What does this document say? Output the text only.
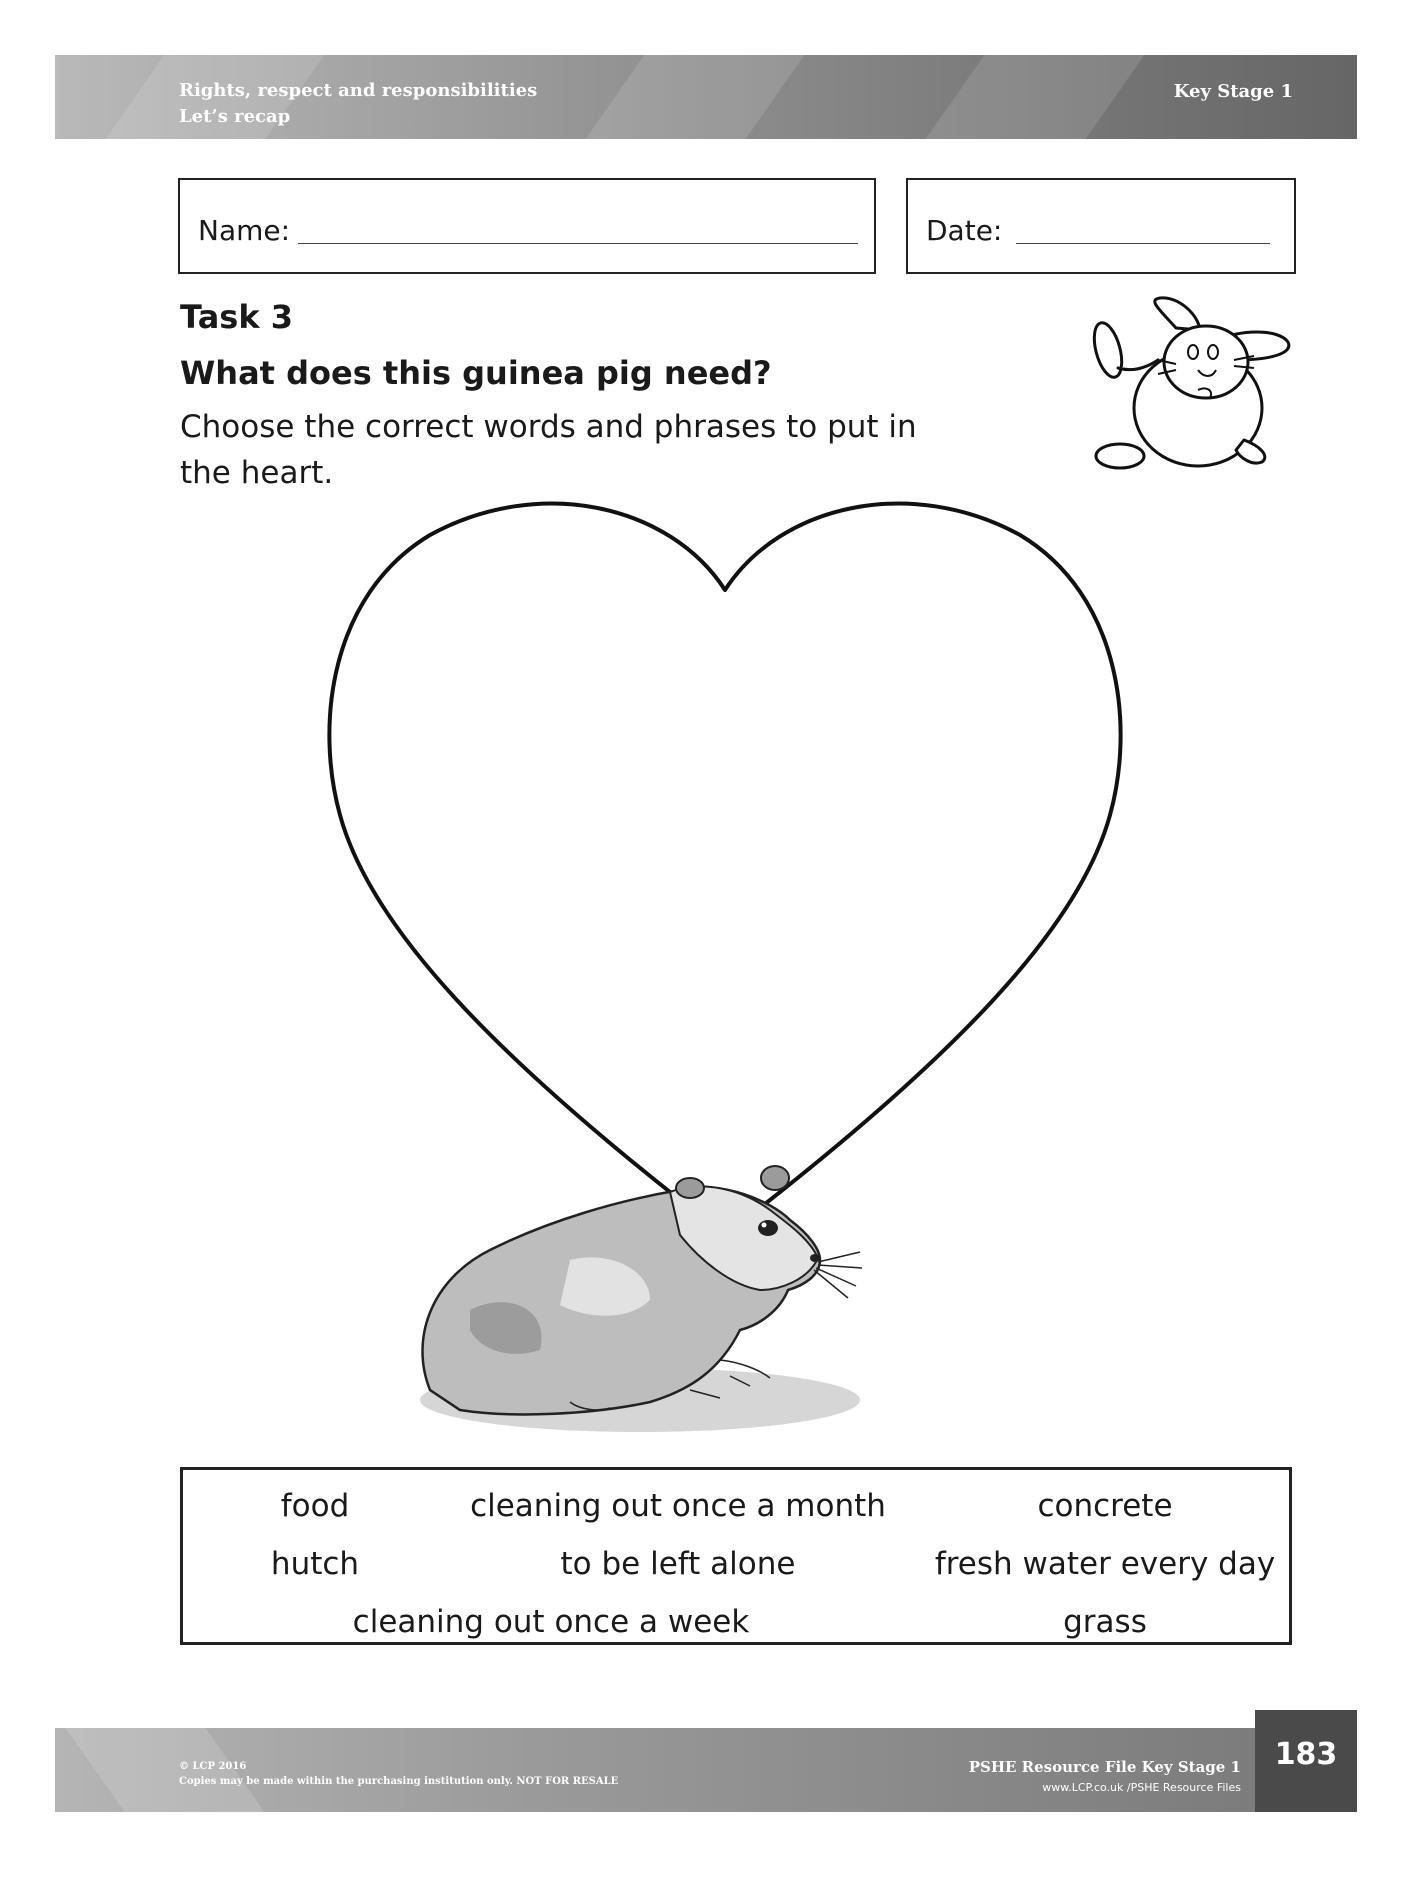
Rights, respect and responsibilities
Let’s recap
Key Stage 1
Name:	Date:
Task 3
What does this guinea pig need?
Choose the correct words and phrases to put in the heart.
food	cleaning out once a month	concrete
hutch	to be left alone	fresh water every day
cleaning out once a week	grass
© LCP 2016
Copies may be made within the purchasing institution only. NOT FOR RESALE
PSHE Resource File Key Stage 1
www.LCP.co.uk /PSHE Resource Files
183
